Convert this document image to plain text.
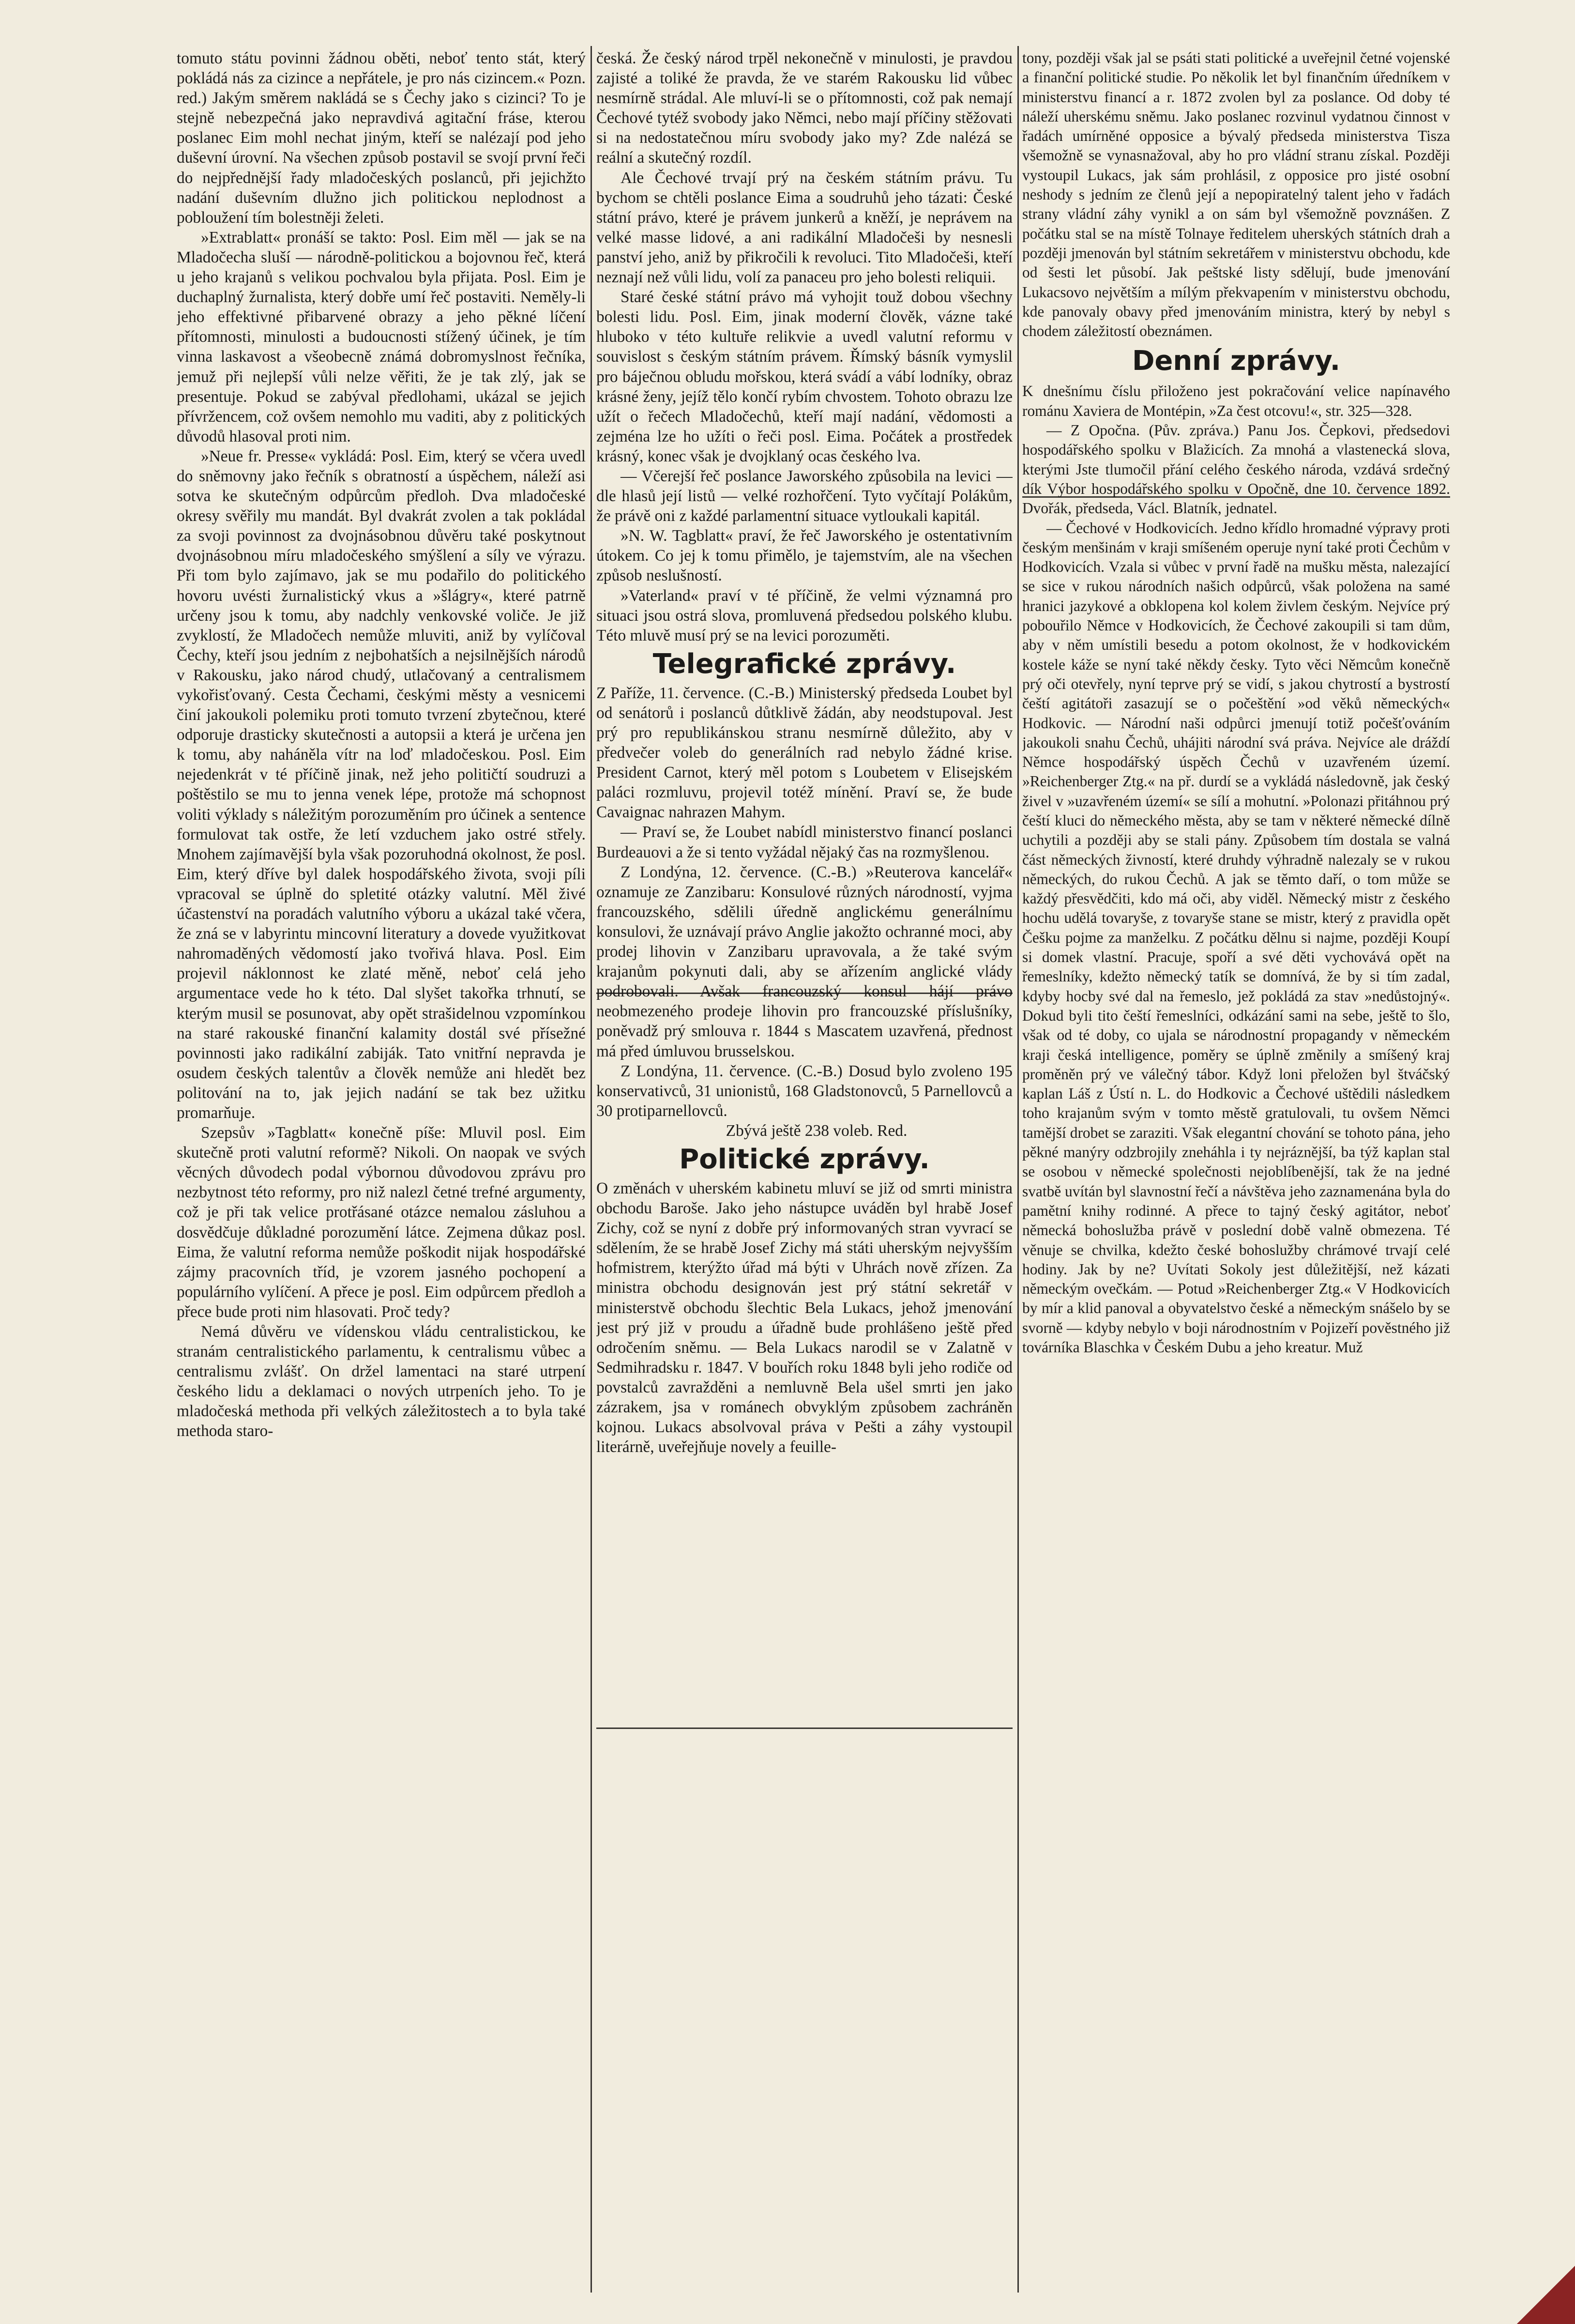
tomuto státu povinni žádnou oběti, neboť tento stát, který pokládá nás za cizince a nepřátele, je pro nás cizincem.« Pozn. red.) Jakým směrem nakládá se s Čechy jako s cizinci? To je stejně nebezpečná jako nepravdivá agitační fráse, kterou poslanec Eim mohl nechat jiným, kteří se nalézají pod jeho duševní úrovní. Na všechen způsob postavil se svojí první řeči do nejpřednější řady mladočeských poslanců, při jejichžto nadání duševním dlužno jich politickou neplodnost a pobloužení tím bolestněji želeti.

»Extrablatt« pronáší se takto: Posl. Eim měl — jak se na Mladočecha sluší — národně-politickou a bojovnou řeč, která u jeho krajanů s velikou pochvalou byla přijata. Posl. Eim je duchaplný žurnalista, který dobře umí řeč postaviti. Neměly-li jeho effektivné přibarvené obrazy a jeho pěkné líčení přítomnosti, minulosti a budoucnosti stížený účinek, je tím vinna laskavost a všeobecně známá dobromyslnost řečníka, jemuž při nejlepší vůli nelze věřiti, že je tak zlý, jak se presentuje. Pokud se zabýval předlohami, ukázal se jejich přívržencem, což ovšem nemohlo mu vaditi, aby z politických důvodů hlasoval proti nim.

»Neue fr. Presse« vykládá: Posl. Eim, který se včera uvedl do sněmovny jako řečník s obratností a úspěchem, náleží asi sotva ke skutečným odpůrcům předloh. Dva mladočeské okresy svěřily mu mandát. Byl dvakrát zvolen a tak pokládal za svoji povinnost za dvojnásobnou důvěru také poskytnout dvojnásobnou míru mladočeského smýšlení a síly ve výrazu. Při tom bylo zajímavo, jak se mu podařilo do politického hovoru uvésti žurnalistický vkus a »šlágry«, které patrně určeny jsou k tomu, aby nadchly venkovské voliče. Je již zvyklostí, že Mladočech nemůže mluviti, aniž by vylíčoval Čechy, kteří jsou jedním z nejbohatších a nejsilnějších národů v Rakousku, jako národ chudý, utlačovaný a centralismem vykořisťovaný. Cesta Čechami, českými městy a vesnicemi činí jakoukoli polemiku proti tomuto tvrzení zbytečnou, které odporuje drasticky skutečnosti a autopsii a která je určena jen k tomu, aby naháněla vítr na loď mladočeskou. Posl. Eim nejedenkrát v té příčině jinak, než jeho političtí soudruzi a poštěstilo se mu to jenna venek lépe, protože má schopnost voliti výklady s náležitým porozuměním pro účinek a sentence formulovat tak ostře, že letí vzduchem jako ostré střely. Mnohem zajímavější byla však pozoruhodná okolnost, že posl. Eim, který dříve byl dalek hospodářského života, svoji píli vpracoval se úplně do spletité otázky valutní. Měl živé účastenství na poradách valutního výboru a ukázal také včera, že zná se v labyrintu mincovní literatury a dovede využitkovat nahromaděných vědomostí jako tvořivá hlava. Posl. Eim projevil náklonnost ke zlaté měně, neboť celá jeho argumentace vede ho k této. Dal slyšet takořka trhnutí, se kterým musil se posunovat, aby opět strašidelnou vzpomínkou na staré rakouské finanční kalamity dostál své přísežné povinnosti jako radikální zabiják. Tato vnitřní nepravda je osudem českých talentův a člověk nemůže ani hledět bez politování na to, jak jejich nadání se tak bez užitku promarňuje.

Szepsův »Tagblatt« konečně píše: Mluvil posl. Eim skutečně proti valutní reformě? Nikoli. On naopak ve svých věcných důvodech podal výbornou důvodovou zprávu pro nezbytnost této reformy, pro niž nalezl četné trefné argumenty, což je při tak velice protřásané otázce nemalou zásluhou a dosvědčuje důkladné porozumění látce. Zejmena důkaz posl. Eima, že valutní reforma nemůže poškodit nijak hospodářské zájmy pracovních tříd, je vzorem jasného pochopení a populárního vylíčení. A přece je posl. Eim odpůrcem předloh a přece bude proti nim hlasovati. Proč tedy?

Nemá důvěru ve vídenskou vládu centralistickou, ke stranám centralistického parlamentu, k centralismu vůbec a centralismu zvlášť. On držel lamentaci na staré utrpení českého lidu a deklamaci o nových utrpeních jeho. To je mladočeská methoda při velkých záležitostech a to byla také methoda staro-

česká. Že český národ trpěl nekonečně v minulosti, je pravdou zajisté a toliké že pravda, že ve starém Rakousku lid vůbec nesmírně strádal. Ale mluví-li se o přítomnosti, což pak nemají Čechové tytéž svobody jako Němci, nebo mají příčiny stěžovati si na nedostatečnou míru svobody jako my? Zde nalézá se reální a skutečný rozdíl.

Ale Čechové trvají prý na českém státním právu. Tu bychom se chtěli poslance Eima a soudruhů jeho tázati: České státní právo, které je právem junkerů a kněží, je neprávem na velké masse lidové, a ani radikální Mladočeši by nesnesli panství jeho, aniž by přikročili k revoluci. Tito Mladočeši, kteří neznají než vůli lidu, volí za panaceu pro jeho bolesti reliquii.

Staré české státní právo má vyhojit touž dobou všechny bolesti lidu. Posl. Eim, jinak moderní člověk, vázne také hluboko v této kultuře relikvie a uvedl valutní reformu v souvislost s českým státním právem. Římský básník vymyslil pro báječnou obludu mořskou, která svádí a vábí lodníky, obraz krásné ženy, jejíž tělo končí rybím chvostem. Tohoto obrazu lze užít o řečech Mladočechů, kteří mají nadání, vědomosti a zejména lze ho užíti o řeči posl. Eima. Počátek a prostředek krásný, konec však je dvojklaný ocas českého lva.

— Včerejší řeč poslance Jaworského způsobila na levici — dle hlasů její listů — velké rozhořčení. Tyto vyčítají Polákům, že právě oni z každé parlamentní situace vytloukali kapitál.

»N. W. Tagblatt« praví, že řeč Jaworského je ostentativním útokem. Co jej k tomu přimělo, je tajemstvím, ale na všechen způsob neslušností.

»Vaterland« praví v té příčině, že velmi významná pro situaci jsou ostrá slova, promluvená předsedou polského klubu. Této mluvě musí prý se na levici porozuměti.

Telegrafické zprávy.

Z Paříže, 11. července. (C.-B.) Ministerský předseda Loubet byl od senátorů i poslanců důtklivě žádán, aby neodstupoval. Jest prý pro republikánskou stranu nesmírně důležito, aby v předvečer voleb do generálních rad nebylo žádné krise. President Carnot, který měl potom s Loubetem v Elisejském paláci rozmluvu, projevil totéž mínění. Praví se, že bude Cavaignac nahrazen Mahym.

— Praví se, že Loubet nabídl ministerstvo financí poslanci Burdeauovi a že si tento vyžádal nějaký čas na rozmyšlenou.

Z Londýna, 12. července. (C.-B.) »Reuterova kancelář« oznamuje ze Zanzibaru: Konsulové různých národností, vyjma francouzského, sdělili úředně anglickému generálnímu konsulovi, že uznávají právo Anglie jakožto ochranné moci, aby prodej lihovin v Zanzibaru upravovala, a že také svým krajanům pokynuti dali, aby se ařízením anglické vlády podrobovali. Avšak francouzský konsul hájí právo neobmezeného prodeje lihovin pro francouzské příslušníky, poněvadž prý smlouva r. 1844 s Mascatem uzavřená, přednost má před úmluvou brusselskou.

Z Londýna, 11. července. (C.-B.) Dosud bylo zvoleno 195 konservativců, 31 unionistů, 168 Gladstonovců, 5 Parnellovců a 30 protiparnellovců.

Zbývá ještě 238 voleb. Red.

Politické zprávy.

O změnách v uherském kabinetu mluví se již od smrti ministra obchodu Baroše. Jako jeho nástupce uváděn byl hrabě Josef Zichy, což se nyní z dobře prý informovaných stran vyvrací se sdělením, že se hrabě Josef Zichy má státi uherským nejvyšším hofmistrem, kterýžto úřad má býti v Uhrách nově zřízen. Za ministra obchodu designován jest prý státní sekretář v ministerstvě obchodu šlechtic Bela Lukacs, jehož jmenování jest prý již v proudu a úřadně bude prohlášeno ještě před odročením sněmu. — Bela Lukacs narodil se v Zalatně v Sedmihradsku r. 1847. V bouřích roku 1848 byli jeho rodiče od povstalců zavražděni a nemluvně Bela ušel smrti jen jako zázrakem, jsa v románech obvyklým způsobem zachráněn kojnou. Lukacs absolvoval práva v Pešti a záhy vystoupil literárně, uveřejňuje novely a feuille-

tony, později však jal se psáti stati politické a uveřejnil četné vojenské a finanční politické studie. Po několik let byl finančním úředníkem v ministerstvu financí a r. 1872 zvolen byl za poslance. Od doby té náleží uherskému sněmu. Jako poslanec rozvinul vydatnou činnost v řadách umírněné opposice a bývalý předseda ministerstva Tisza všemožně se vynasnažoval, aby ho pro vládní stranu získal. Později vystoupil Lukacs, jak sám prohlásil, z opposice pro jisté osobní neshody s jedním ze členů její a nepopiratelný talent jeho v řadách strany vládní záhy vynikl a on sám byl všemožně povznášen. Z počátku stal se na místě Tolnaye ředitelem uherských státních drah a později jmenován byl státním sekretářem v ministerstvu obchodu, kde od šesti let působí. Jak peštské listy sdělují, bude jmenování Lukacsovo největším a mílým překvapením v ministerstvu obchodu, kde panovaly obavy před jmenováním ministra, který by nebyl s chodem záležitostí obeznámen.

Denní zprávy.

K dnešnímu číslu přiloženo jest pokračování velice napínavého románu Xaviera de Montépin, »Za čest otcovu!«, str. 325—328.

— Z Opočna. (Pův. zpráva.) Panu Jos. Čepkovi, předsedovi hospodářského spolku v Blažicích. Za mnohá a vlastenecká slova, kterými Jste tlumočil přání celého českého národa, vzdává srdečný dík Výbor hospodářského spolku v Opočně, dne 10. července 1892. Dvořák, předseda, Václ. Blatník, jednatel.

— Čechové v Hodkovicích. Jedno křídlo hromadné výpravy proti českým menšinám v kraji smíšeném operuje nyní také proti Čechům v Hodkovicích. Vzala si vůbec v první řadě na mušku města, nalezající se sice v rukou národních našich odpůrců, však položena na samé hranici jazykové a obklopena kol kolem živlem českým. Nejvíce prý pobouřilo Němce v Hodkovicích, že Čechové zakoupili si tam dům, aby v něm umístili besedu a potom okolnost, že v hodkovickém kostele káže se nyní také někdy česky. Tyto věci Němcům konečně prý oči otevřely, nyní teprve prý se vidí, s jakou chytrostí a bystrostí čeští agitátoři zasazují se o počeštění »od věků německých« Hodkovic. — Národní naši odpůrci jmenují totiž počešťováním jakoukoli snahu Čechů, uhájiti národní svá práva. Nejvíce ale dráždí Němce hospodářský úspěch Čechů v uzavřeném území. »Reichenberger Ztg.« na př. durdí se a vykládá následovně, jak český živel v »uzavřeném území« se sílí a mohutní. »Polonazi přitáhnou prý čeští kluci do německého města, aby se tam v některé německé dílně uchytili a později aby se stali pány. Způsobem tím dostala se valná část německých živností, které druhdy výhradně nalezaly se v rukou německých, do rukou Čechů. A jak se těmto daří, o tom může se každý přesvědčiti, kdo má oči, aby viděl. Německý mistr z českého hochu udělá tovaryše, z tovaryše stane se mistr, který z pravidla opět Češku pojme za manželku. Z počátku dělnu si najme, později Koupí si domek vlastní. Pracuje, spoří a své děti vychovává opět na řemeslníky, kdežto německý tatík se domnívá, že by si tím zadal, kdyby hocby své dal na řemeslo, jež pokládá za stav »nedůstojný«. Dokud byli tito čeští řemeslníci, odkázání sami na sebe, ještě to šlo, však od té doby, co ujala se národnostní propagandy v německém kraji česká intelligence, poměry se úplně změnily a smíšený kraj proměněn prý ve válečný tábor. Když loni přeložen byl štváčský kaplan Láš z Ústí n. L. do Hodkovic a Čechové uštědili následkem toho krajanům svým v tomto městě gratulovali, tu ovšem Němci tamější drobet se zaraziti. Však elegantní chování se tohoto pána, jeho pěkné manýry odzbrojily zneháhla i ty nejráznější, ba týž kaplan stal se osobou v německé společnosti nejoblíbenější, tak že na jedné svatbě uvítán byl slavnostní řečí a návštěva jeho zaznamenána byla do pamětní knihy rodinné. A přece to tajný český agitátor, neboť německá bohoslužba právě v poslední době valně obmezena. Té věnuje se chvilka, kdežto české bohoslužby chrámové trvají celé hodiny. Jak by ne? Uvítati Sokoly jest důležitější, než kázati německým ovečkám. — Potud »Reichenberger Ztg.« V Hodkovicích by mír a klid panoval a obyvatelstvo české a německým snášelo by se svorně — kdyby nebylo v boji národnostním v Pojizeří pověstného již továrníka Blaschka v Českém Dubu a jeho kreatur. Muž
